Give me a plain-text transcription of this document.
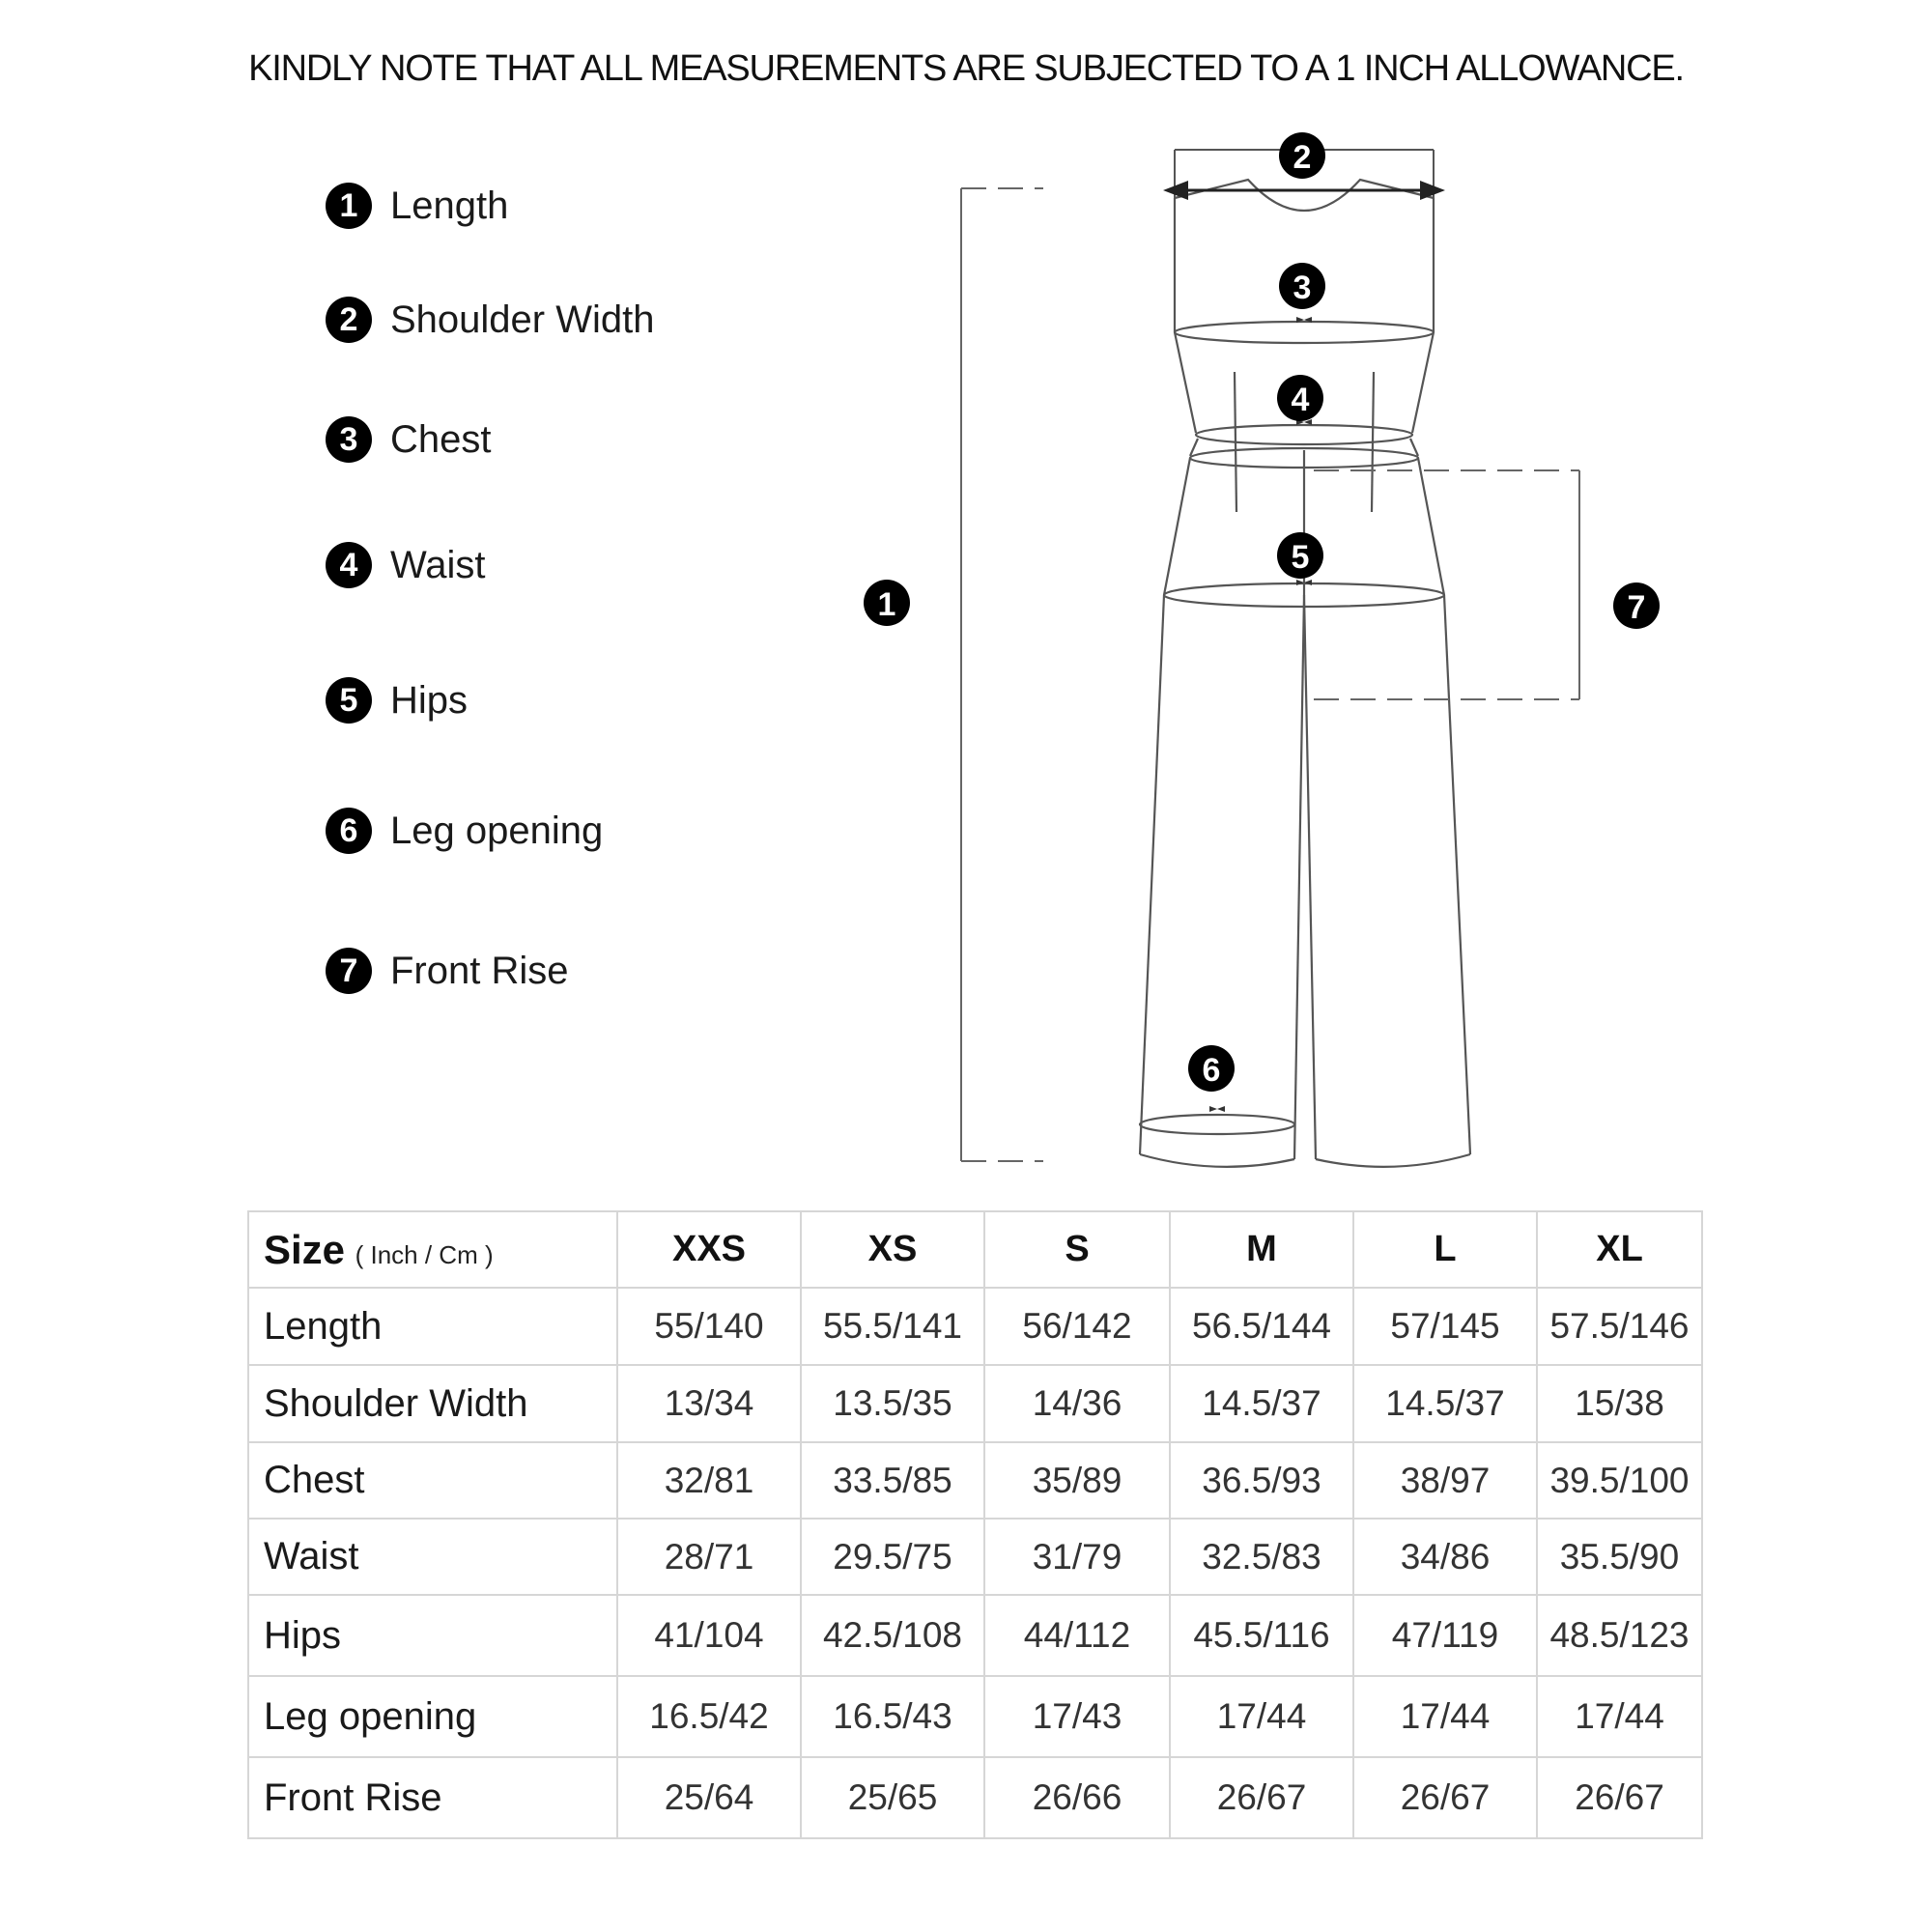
KINDLY NOTE THAT ALL MEASUREMENTS ARE SUBJECTED TO A 1 INCH ALLOWANCE.
1 Length
2 Shoulder Width
3 Chest
4 Waist
5 Hips
6 Leg opening
7 Front Rise
1
2
3
4
5
6
7
Size ( Inch / Cm )	XXS	XS	S	M	L	XL
Length	55/140	55.5/141	56/142	56.5/144	57/145	57.5/146
Shoulder Width	13/34	13.5/35	14/36	14.5/37	14.5/37	15/38
Chest	32/81	33.5/85	35/89	36.5/93	38/97	39.5/100
Waist	28/71	29.5/75	31/79	32.5/83	34/86	35.5/90
Hips	41/104	42.5/108	44/112	45.5/116	47/119	48.5/123
Leg opening	16.5/42	16.5/43	17/43	17/44	17/44	17/44
Front Rise	25/64	25/65	26/66	26/67	26/67	26/67
